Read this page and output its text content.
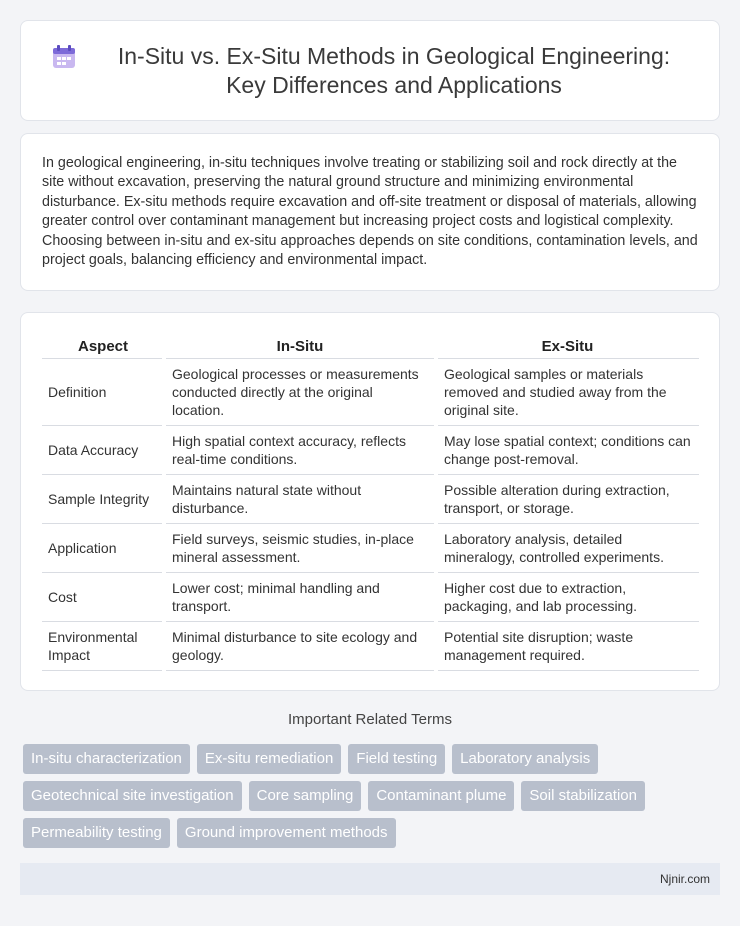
In-Situ vs. Ex-Situ Methods in Geological Engineering: Key Differences and Applications

In geological engineering, in-situ techniques involve treating or stabilizing soil and rock directly at the site without excavation, preserving the natural ground structure and minimizing environmental disturbance. Ex-situ methods require excavation and off-site treatment or disposal of materials, allowing greater control over contaminant management but increasing project costs and logistical complexity. Choosing between in-situ and ex-situ approaches depends on site conditions, contamination levels, and project goals, balancing efficiency and environmental impact.

Aspect	In-Situ	Ex-Situ
Definition	Geological processes or measurements conducted directly at the original location.	Geological samples or materials removed and studied away from the original site.
Data Accuracy	High spatial context accuracy, reflects real-time conditions.	May lose spatial context; conditions can change post-removal.
Sample Integrity	Maintains natural state without disturbance.	Possible alteration during extraction, transport, or storage.
Application	Field surveys, seismic studies, in-place mineral assessment.	Laboratory analysis, detailed mineralogy, controlled experiments.
Cost	Lower cost; minimal handling and transport.	Higher cost due to extraction, packaging, and lab processing.
Environmental Impact	Minimal disturbance to site ecology and geology.	Potential site disruption; waste management required.
Important Related Terms
In-situ characterization	Ex-situ remediation	Field testing	Laboratory analysis
Geotechnical site investigation	Core sampling	Contaminant plume	Soil stabilization
Permeability testing	Ground improvement methods
Njnir.com
